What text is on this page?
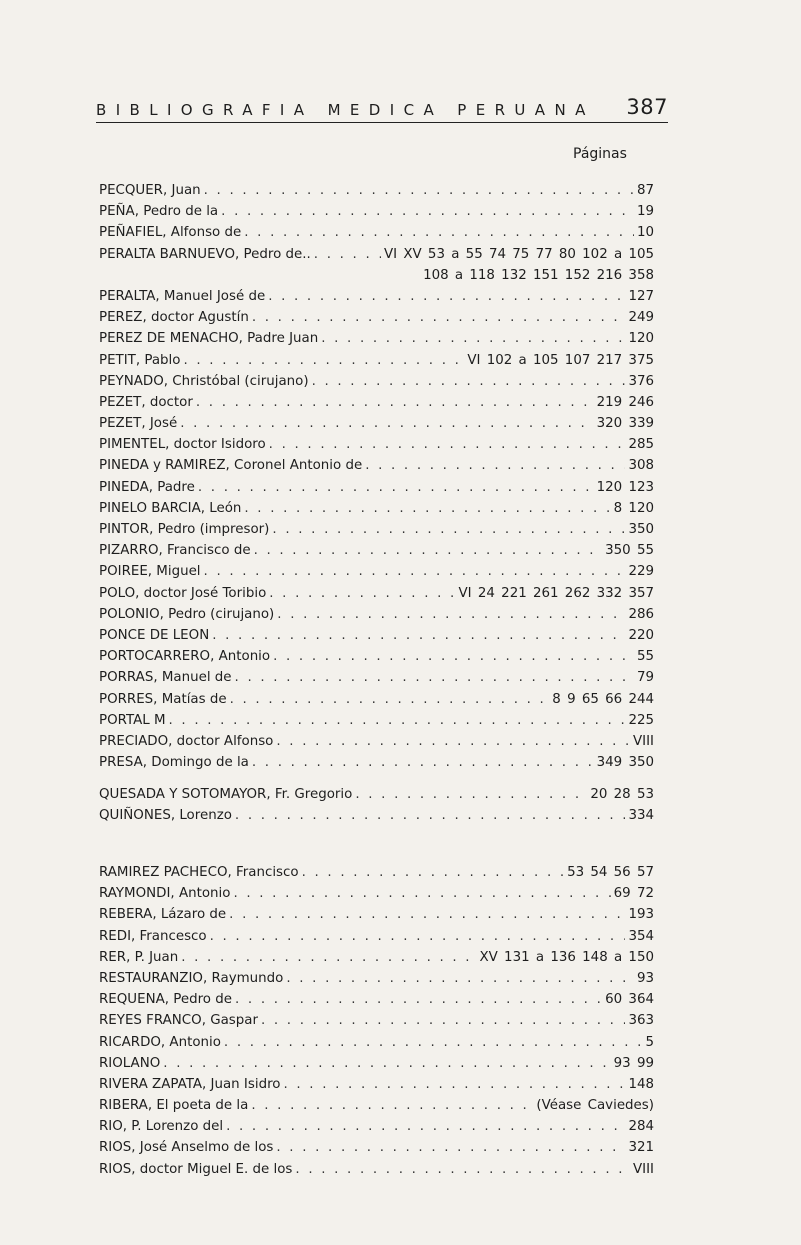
BIBLIOGRAFIA MEDICA PERUANA 387
Páginas
PECQUER, Juan . . .	87
PEÑA, Pedro de la . . .	19
PEÑAFIEL, Alfonso de . . .	10
PERALTA BARNUEVO, Pedro de.. . . .	VI XV 53 a 55 74 75 77 80 102 a 105
108 a 118 132 151 152 216 358
PERALTA, Manuel José de . . .	127
PEREZ, doctor Agustín . . .	249
PEREZ DE MENACHO, Padre Juan . . .	120
PETIT, Pablo . . .	VI 102 a 105 107 217 375
PEYNADO, Christóbal (cirujano) . . .	376
PEZET, doctor . . .	219 246
PEZET, José . . .	320 339
PIMENTEL, doctor Isidoro . . .	285
PINEDA y RAMIREZ, Coronel Antonio de . . .	308
PINEDA, Padre . . .	120 123
PINELO BARCIA, León . . .	8 120
PINTOR, Pedro (impresor) . . .	350
PIZARRO, Francisco de . . .	350 55
POIREE, Miguel . . .	229
POLO, doctor José Toribio . . .	VI 24 221 261 262 332 357
POLONIO, Pedro (cirujano) . . .	286
PONCE DE LEON . . .	220
PORTOCARRERO, Antonio . . .	55
PORRAS, Manuel de . . .	79
PORRES, Matías de . . .	8 9 65 66 244
PORTAL M . . .	225
PRECIADO, doctor Alfonso . . .	VIII
PRESA, Domingo de la . . .	349 350
QUESADA Y SOTOMAYOR, Fr. Gregorio . . .	20 28 53
QUIÑONES, Lorenzo . . .	334
RAMIREZ PACHECO, Francisco . . .	53 54 56 57
RAYMONDI, Antonio . . .	69 72
REBERA, Lázaro de . . .	193
REDI, Francesco . . .	354
RER, P. Juan . . .	XV 131 a 136 148 a 150
RESTAURANZIO, Raymundo . . .	93
REQUENA, Pedro de . . .	60 364
REYES FRANCO, Gaspar . . .	363
RICARDO, Antonio . . .	5
RIOLANO . . .	93 99
RIVERA ZAPATA, Juan Isidro . . .	148
RIBERA, El poeta de la . . .	(Véase Caviedes)
RIO, P. Lorenzo del . . .	284
RIOS, José Anselmo de los . . .	321
RIOS, doctor Miguel E. de los . . .	VIII
